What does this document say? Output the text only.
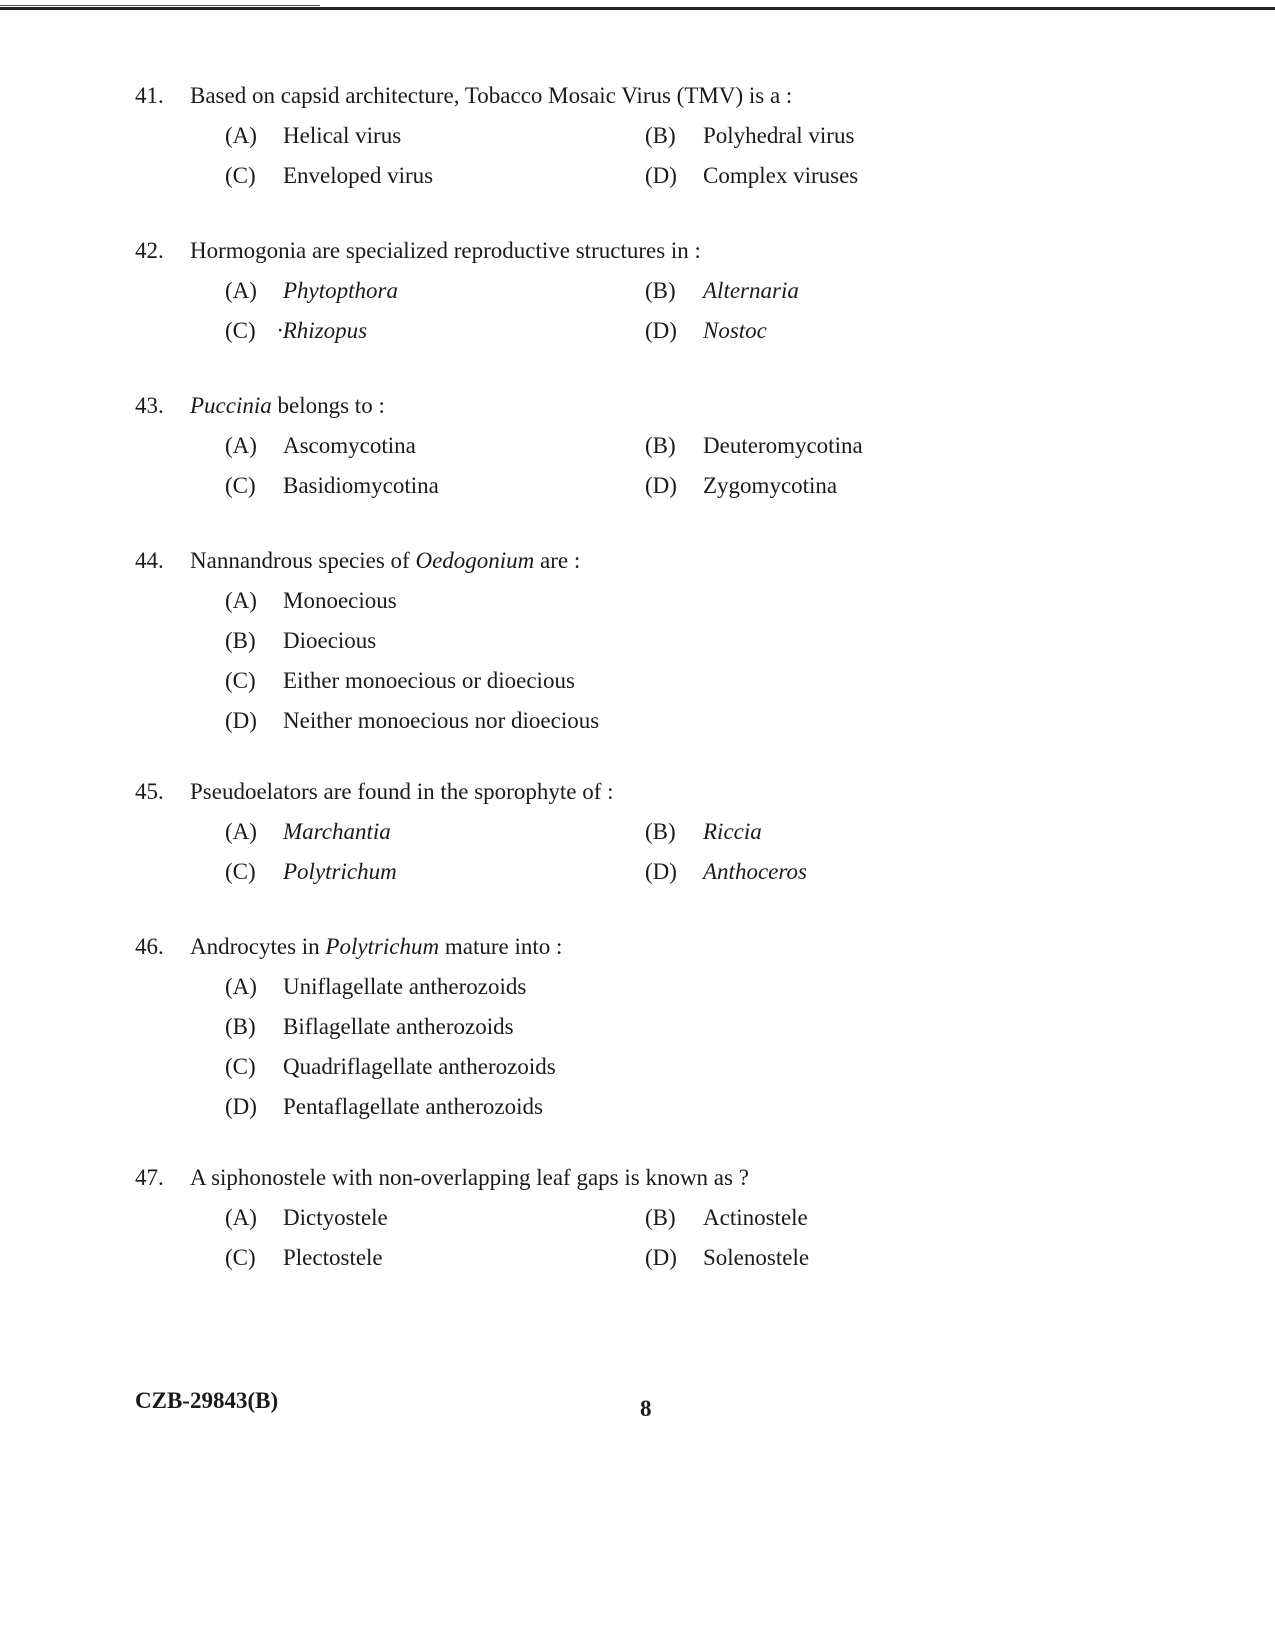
41.	Based on capsid architecture, Tobacco Mosaic Virus (TMV) is a :
(A) Helical virus	(B) Polyhedral virus
(C) Enveloped virus	(D) Complex viruses
42.	Hormogonia are specialized reproductive structures in :
(A) Phytopthora	(B) Alternaria
(C) ·Rhizopus	(D) Nostoc
43.	Puccinia belongs to :
(A) Ascomycotina	(B) Deuteromycotina
(C) Basidiomycotina	(D) Zygomycotina
44.	Nannandrous species of Oedogonium are :
(A) Monoecious
(B) Dioecious
(C) Either monoecious or dioecious
(D) Neither monoecious nor dioecious
45.	Pseudoelators are found in the sporophyte of :
(A) Marchantia	(B) Riccia
(C) Polytrichum	(D) Anthoceros
46.	Androcytes in Polytrichum mature into :
(A) Uniflagellate antherozoids
(B) Biflagellate antherozoids
(C) Quadriflagellate antherozoids
(D) Pentaflagellate antherozoids
47.	A siphonostele with non-overlapping leaf gaps is known as ?
(A) Dictyostele	(B) Actinostele
(C) Plectostele	(D) Solenostele
CZB-29843(B)	8
